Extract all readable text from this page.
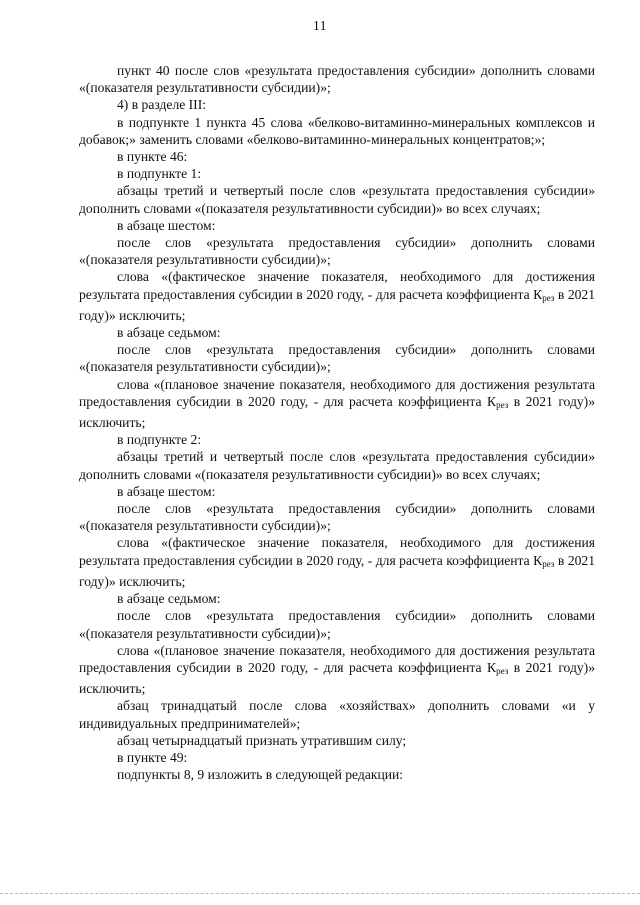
11

пункт 40 после слов «результата предоставления субсидии» дополнить словами «(показателя результативности субсидии)»;

4) в разделе III:

в подпункте 1 пункта 45 слова «белково-витаминно-минеральных комплексов и добавок;» заменить словами «белково-витаминно-минеральных концентратов;»;

в пункте 46:

в подпункте 1:

абзацы третий и четвертый после слов «результата предоставления субсидии» дополнить словами «(показателя результативности субсидии)» во всех случаях;

в абзаце шестом:

после слов «результата предоставления субсидии» дополнить словами «(показателя результативности субсидии)»;

слова «(фактическое значение показателя, необходимого для достижения результата предоставления субсидии в 2020 году, - для расчета коэффициента $К_{рез}$ в 2021 году)» исключить;

в абзаце седьмом:

после слов «результата предоставления субсидии» дополнить словами «(показателя результативности субсидии)»;

слова «(плановое значение показателя, необходимого для достижения результата предоставления субсидии в 2020 году, - для расчета коэффициента $К_{рез}$ в 2021 году)» исключить;

в подпункте 2:

абзацы третий и четвертый после слов «результата предоставления субсидии» дополнить словами «(показателя результативности субсидии)» во всех случаях;

в абзаце шестом:

после слов «результата предоставления субсидии» дополнить словами «(показателя результативности субсидии)»;

слова «(фактическое значение показателя, необходимого для достижения результата предоставления субсидии в 2020 году, - для расчета коэффициента $К_{рез}$ в 2021 году)» исключить;

в абзаце седьмом:

после слов «результата предоставления субсидии» дополнить словами «(показателя результативности субсидии)»;

слова «(плановое значение показателя, необходимого для достижения результата предоставления субсидии в 2020 году, - для расчета коэффициента $К_{рез}$ в 2021 году)» исключить;

абзац тринадцатый после слова «хозяйствах» дополнить словами «и у индивидуальных предпринимателей»;

абзац четырнадцатый признать утратившим силу;

в пункте 49:

подпункты 8, 9 изложить в следующей редакции:
